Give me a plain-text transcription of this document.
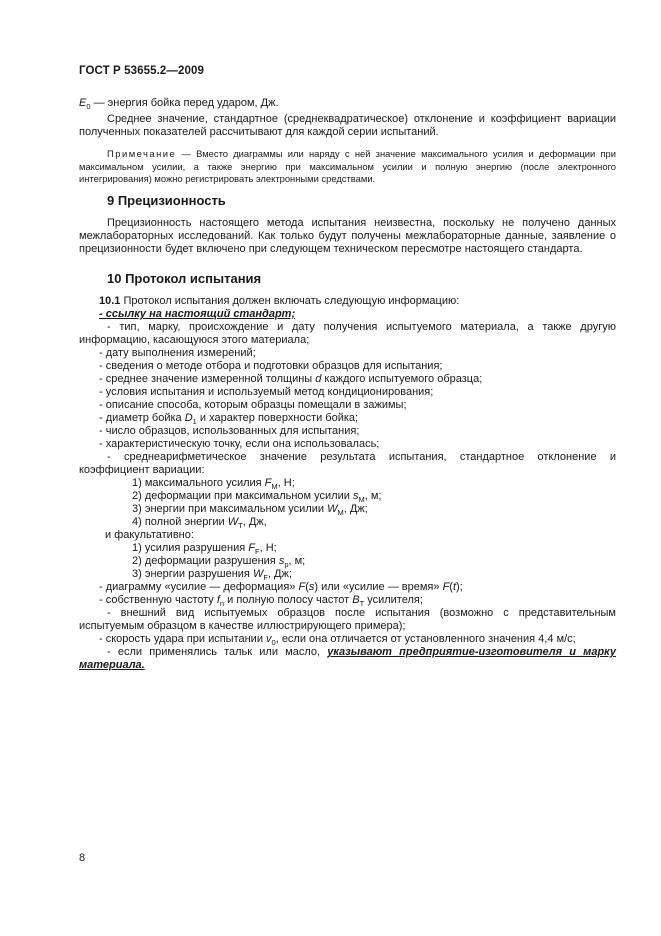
ГОСТ Р 53655.2—2009

$E_0$ — энергия бойка перед ударом, Дж.

Среднее значение, стандартное (среднеквадратическое) отклонение и коэффициент вариации полученных показателей рассчитывают для каждой серии испытаний.

Примечание — Вместо диаграммы или наряду с ней значение максимального усилия и деформации при максимальном усилии, а также энергию при максимальном усилии и полную энергию (после электронного интегрирования) можно регистрировать электронными средствами.

9 Прецизионность

Прецизионность настоящего метода испытания неизвестна, поскольку не получено данных межлабораторных исследований. Как только будут получены межлабораторные данные, заявление о прецизионности будет включено при следующем техническом пересмотре настоящего стандарта.

10 Протокол испытания

10.1 Протокол испытания должен включать следующую информацию:

- ссылку на настоящий стандарт;

- тип, марку, происхождение и дату получения испытуемого материала, а также другую информацию, касающуюся этого материала;

- дату выполнения измерений;

- сведения о методе отбора и подготовки образцов для испытания;

- среднее значение измеренной толщины d каждого испытуемого образца;

- условия испытания и используемый метод кондиционирования;

- описание способа, которым образцы помещали в зажимы;

- диаметр бойка $D_1$ и характер поверхности бойка;

- число образцов, использованных для испытания;

- характеристическую точку, если она использовалась;

- среднеарифметическое значение результата испытания, стандартное отклонение и коэффициент вариации:

1) максимального усилия $F_M$, Н;

2) деформации при максимальном усилии $s_M$, м;

3) энергии при максимальном усилии $W_M$, Дж;

4) полной энергии $W_T$, Дж,

и факультативно:

1) усилия разрушения $F_F$, Н;

2) деформации разрушения $s_р$, м;

3) энергии разрушения $W_F$, Дж;

- диаграмму «усилие — деформация» F(s) или «усилие — время» F(t);

- собственную частоту $f_n$ и полную полосу частот $B_T$ усилителя;

- внешний вид испытуемых образцов после испытания (возможно с представительным испытуемым образцом в качестве иллюстрирующего примера);

- скорость удара при испытании $v_0$, если она отличается от установленного значения 4,4 м/с;

- если применялись тальк или масло, указывают предприятие-изготовителя и марку материала.

8
